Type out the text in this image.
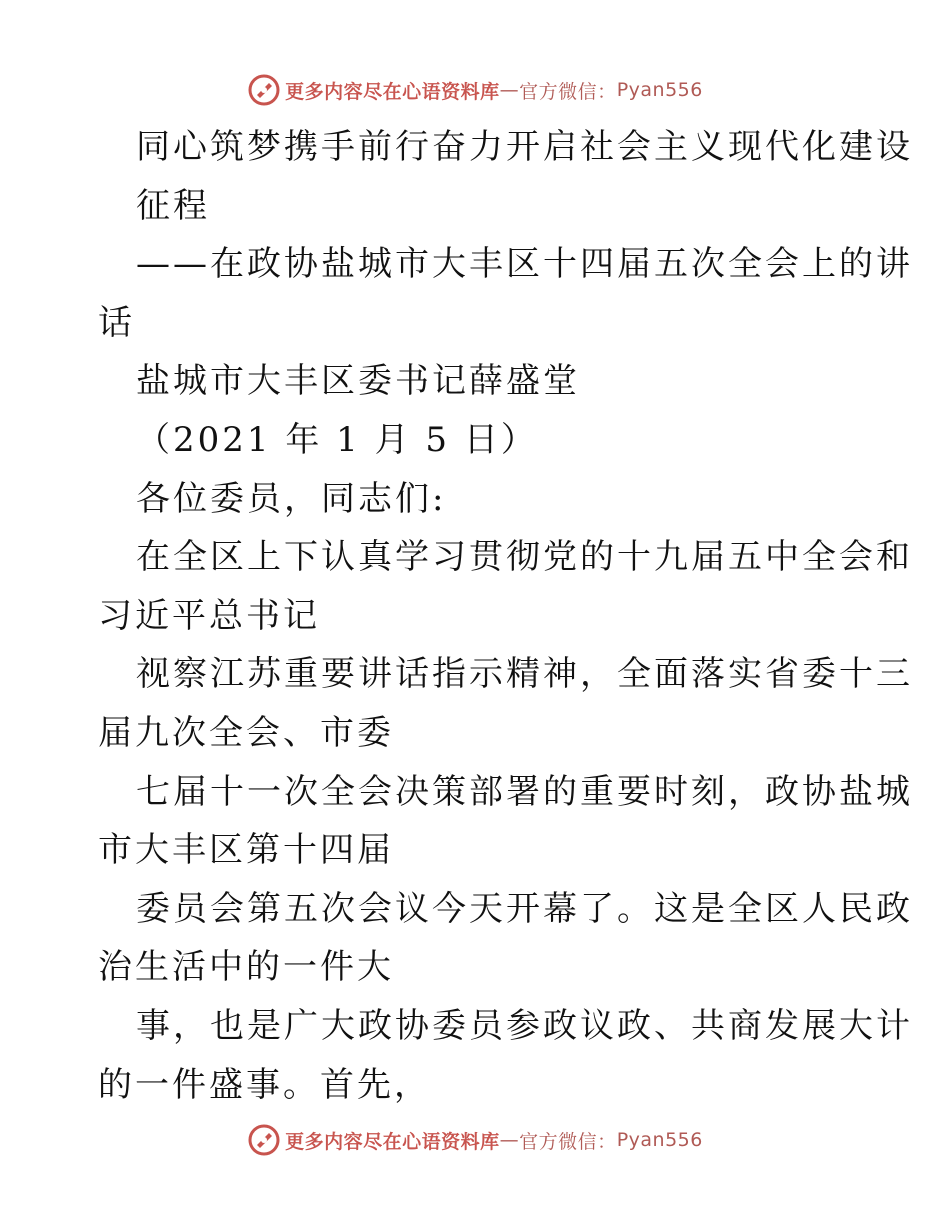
更多内容尽在心语资料库 — 官方微信： Pyan556
同心筑梦携手前行奋力开启社会主义现代化建设
征程
——在政协盐城市大丰区十四届五次全会上的讲
话
盐城市大丰区委书记薛盛堂
（2021 年 1 月 5 日）
各位委员，同志们:
在全区上下认真学习贯彻党的十九届五中全会和
习近平总书记
视察江苏重要讲话指示精神，全面落实省委十三
届九次全会、市委
七届十一次全会决策部署的重要时刻，政协盐城
市大丰区第十四届
委员会第五次会议今天开幕了。这是全区人民政
治生活中的一件大
事，也是广大政协委员参政议政、共商发展大计
的一件盛事。首先，
更多内容尽在心语资料库 — 官方微信： Pyan556
